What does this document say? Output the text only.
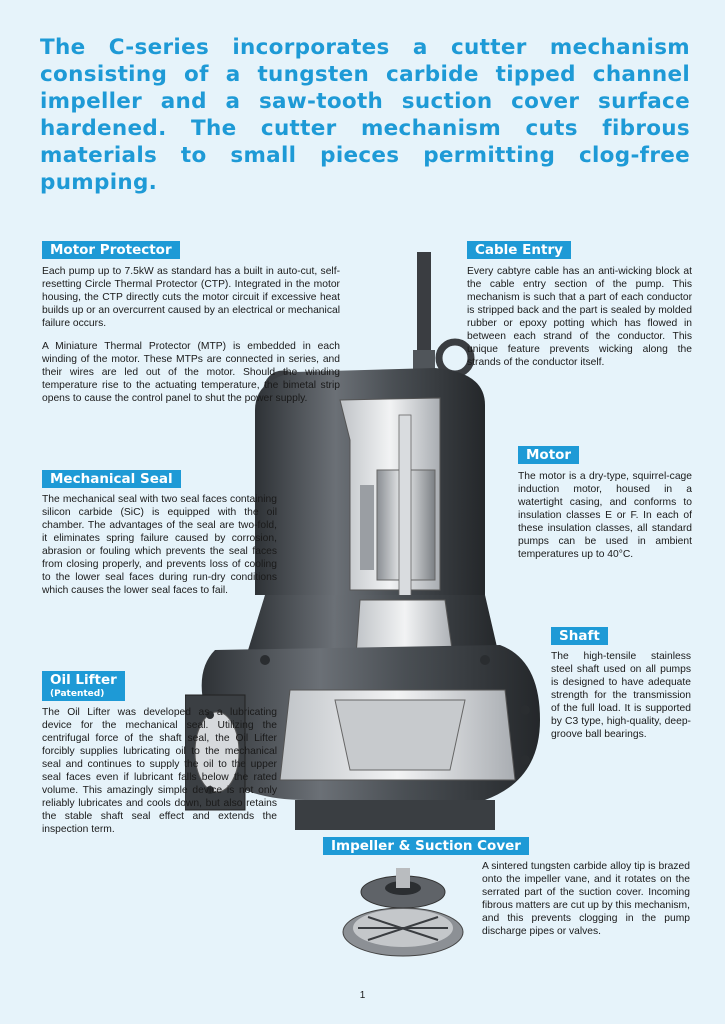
The C-series incorporates a cutter mechanism consisting of a tungsten carbide tipped channel impeller and a saw-tooth suction cover surface hardened. The cutter mechanism cuts fibrous materials to small pieces permitting clog-free pumping.
Motor Protector

Each pump up to 7.5kW as standard has a built in auto-cut, self-resetting Circle Thermal Protector (CTP). Integrated in the motor housing, the CTP directly cuts the motor circuit if excessive heat builds up or an overcurrent caused by an electrical or mechanical failure occurs.

A Miniature Thermal Protector (MTP) is embedded in each winding of the motor. These MTPs are connected in series, and their wires are led out of the motor. Should the winding temperature rise to the actuating temperature, the bimetal strip opens to cause the control panel to shut the power supply.

Cable Entry
Every cabtyre cable has an anti-wicking block at the cable entry section of the pump. This mechanism is such that a part of each conductor is stripped back and the part is sealed by molded rubber or epoxy potting which has flowed in between each strand of the conductor. This unique feature prevents wicking along the strands of the conductor itself.
Motor
The motor is a dry-type, squirrel-cage induction motor, housed in a watertight casing, and conforms to insulation classes E or F. In each of these insulation classes, all standard pumps can be used in ambient temperatures up to 40°C.
Mechanical Seal
The mechanical seal with two seal faces containing silicon carbide (SiC) is equipped with the oil chamber. The advantages of the seal are two-fold, it eliminates spring failure caused by corrosion, abrasion or fouling which prevents the seal faces from closing properly, and prevents loss of cooling to the lower seal faces during run-dry conditions which causes the lower seal faces to fail.
Shaft
The high-tensile stainless steel shaft used on all pumps is designed to have adequate strength for the transmission of the full load. It is supported by C3 type, high-quality, deep-groove ball bearings.
Oil Lifter
(Patented)
The Oil Lifter was developed as a lubricating device for the mechanical seal. Utilizing the centrifugal force of the shaft seal, the Oil Lifter forcibly supplies lubricating oil to the mechanical seal and continues to supply the oil to the upper seal faces even if lubricant falls below the rated volume. This amazingly simple device is not only reliably lubricates and cools down, but also retains the stable shaft seal effect and extends the inspection term.
Impeller & Suction Cover
A sintered tungsten carbide alloy tip is brazed onto the impeller vane, and it rotates on the serrated part of the suction cover. Incoming fibrous matters are cut up by this mechanism, and this prevents clogging in the pump discharge pipes or valves.
1
